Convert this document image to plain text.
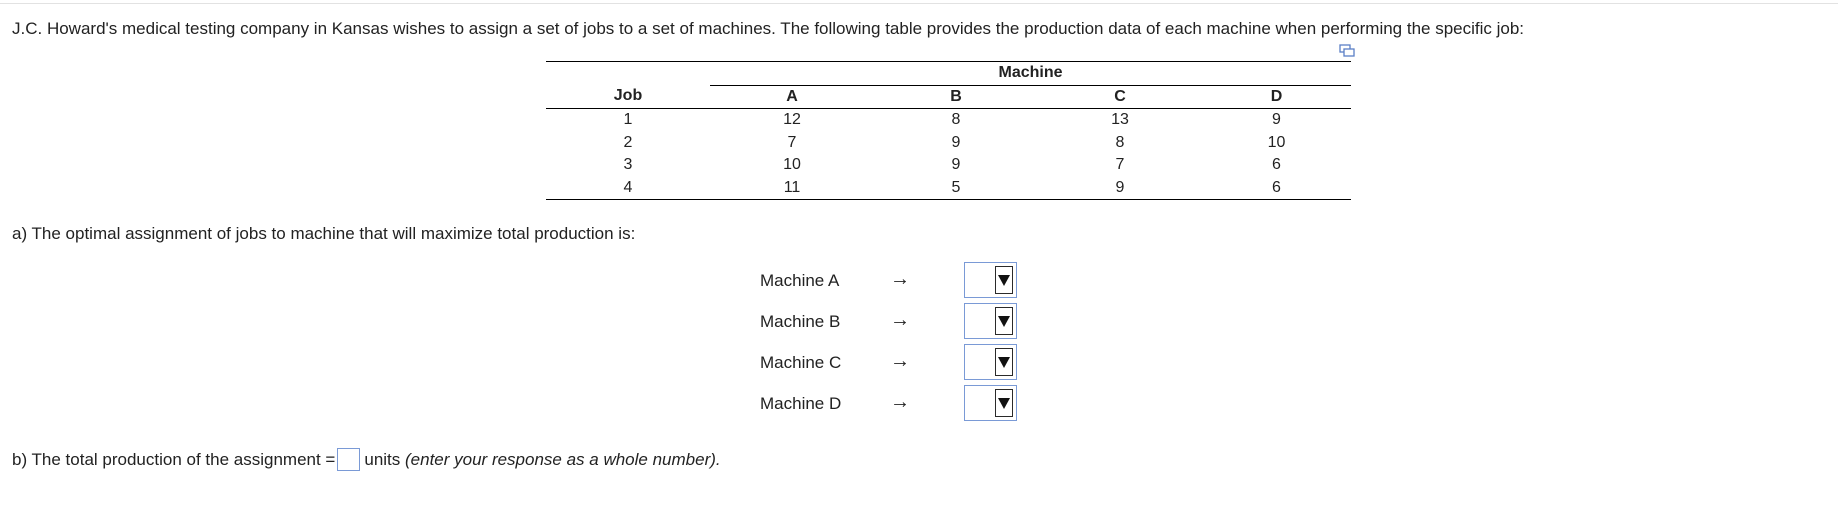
J.C. Howard's medical testing company in Kansas wishes to assign a set of jobs to a set of machines. The following table provides the production data of each machine when performing the specific job:
	Machine			
Job	A	B	C	D
1	12	8	13	9
2	7	9	8	10
3	10	9	7	6
4	11	5	9	6
a) The optimal assignment of jobs to machine that will maximize total production is:
Machine A	→
Machine B →
Machine C →
Machine D →
b) The total production of the assignment = units (enter your response as a whole number).
